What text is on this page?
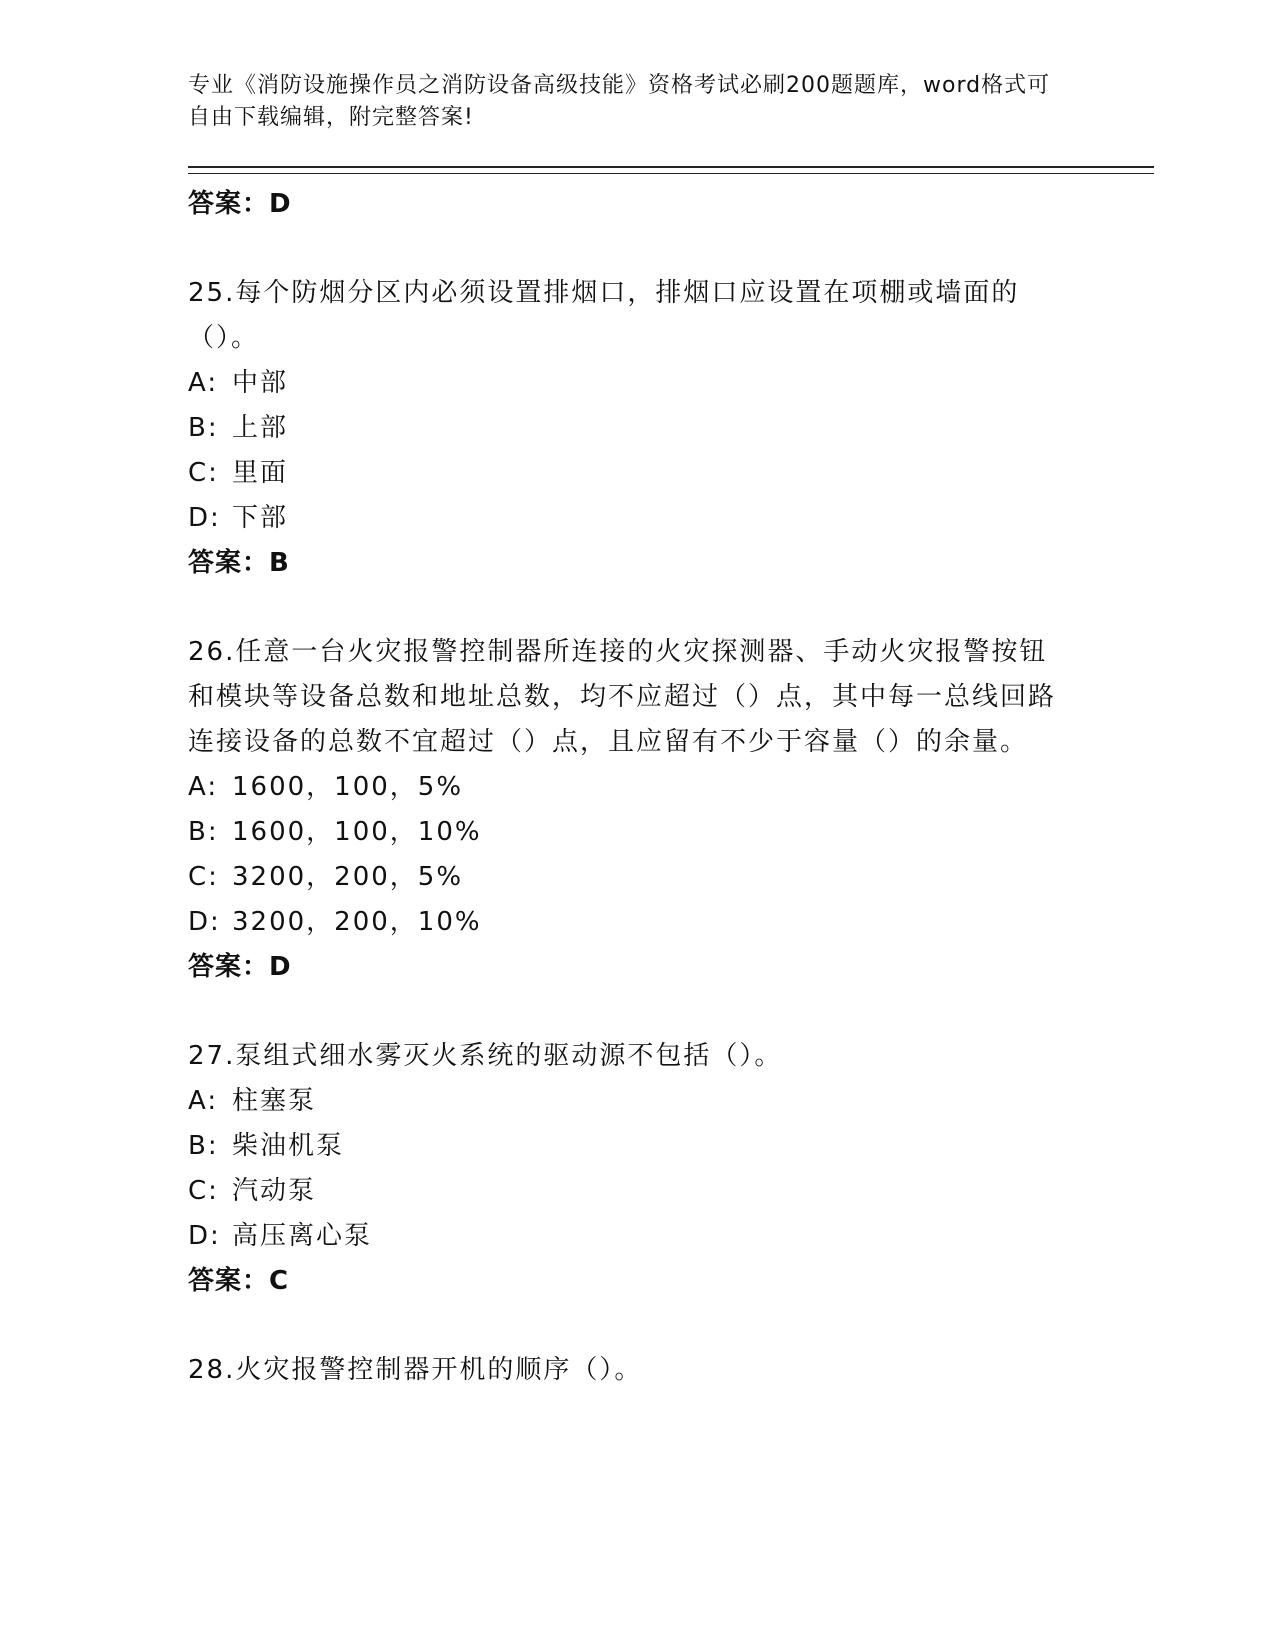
专业《消防设施操作员之消防设备高级技能》资格考试必刷200题题库，word格式可自由下载编辑，附完整答案!

答案：D

25.每个防烟分区内必须设置排烟口，排烟口应设置在项棚或墙面的（）。

A: 中部

B: 上部

C: 里面

D: 下部

答案：B

26.任意一台火灾报警控制器所连接的火灾探测器、手动火灾报警按钮和模块等设备总数和地址总数，均不应超过（）点，其中每一总线回路连接设备的总数不宜超过（）点，且应留有不少于容量（）的余量。

A: 1600，100，5%

B: 1600，100，10%

C: 3200，200，5%

D: 3200，200，10%

答案：D

27.泵组式细水雾灭火系统的驱动源不包括（）。

A: 柱塞泵

B: 柴油机泵

C: 汽动泵

D: 高压离心泵

答案：C

28.火灾报警控制器开机的顺序（）。
